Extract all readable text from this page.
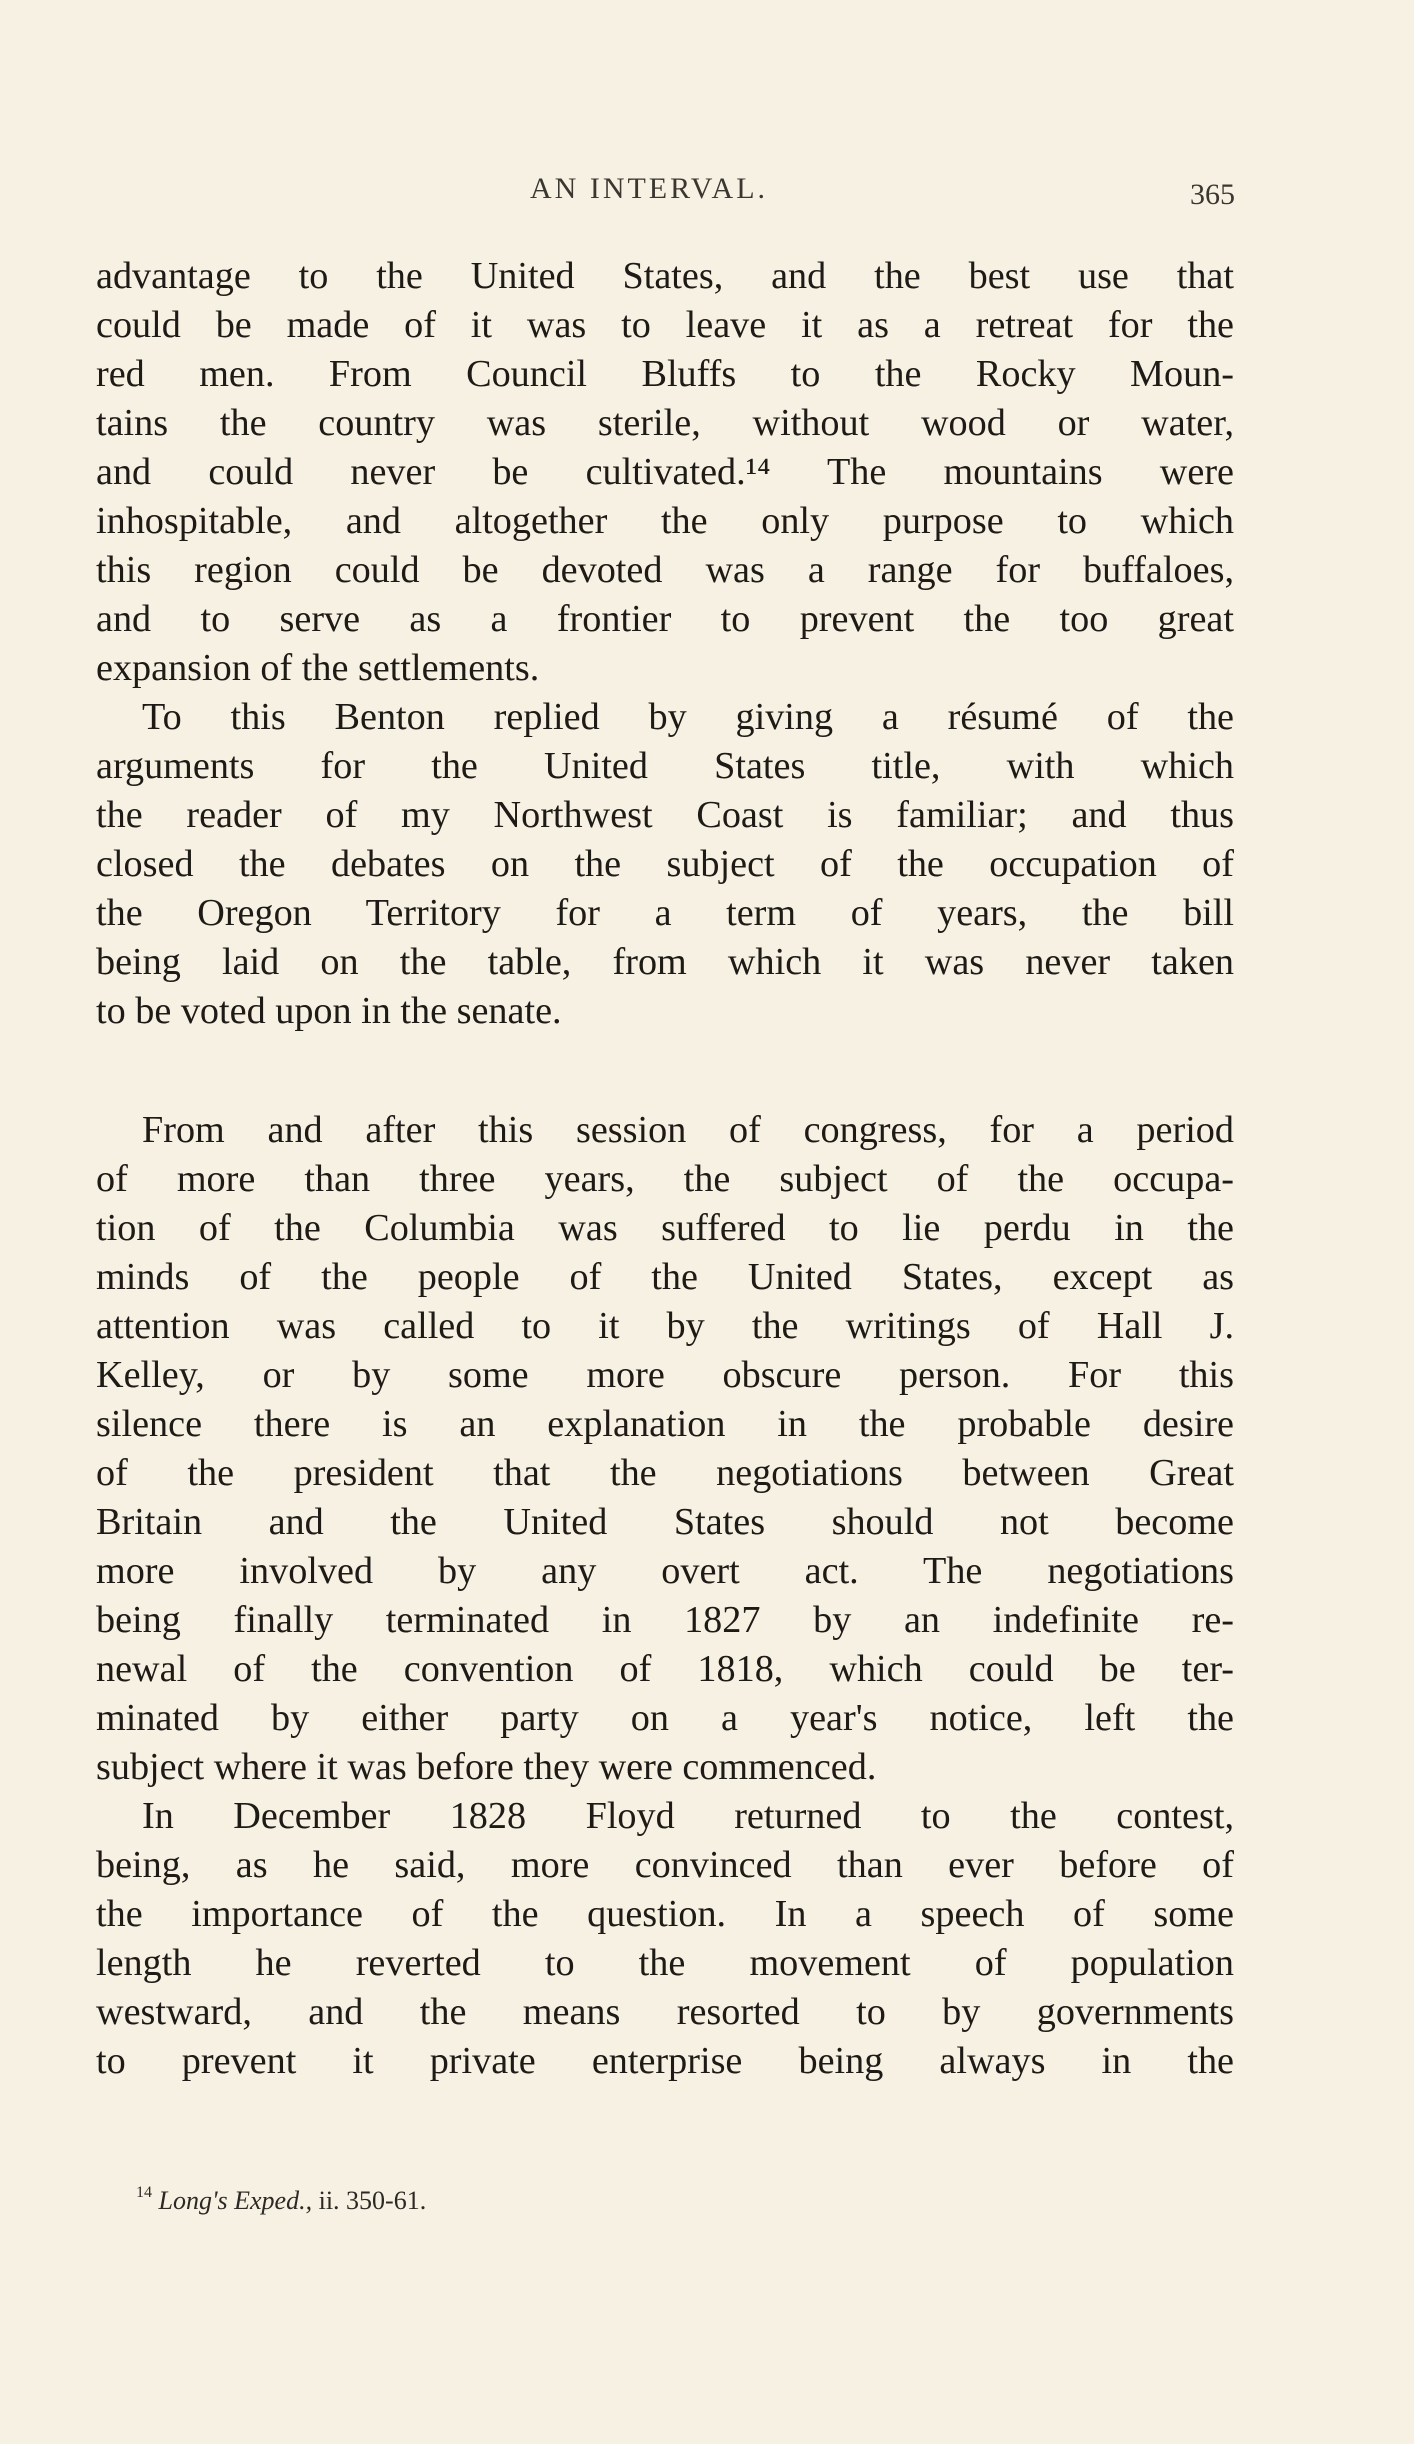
AN INTERVAL.	365
advantage to the United States, and the best use that
could be made of it was to leave it as a retreat for the
red men. From Council Bluffs to the Rocky Moun-
tains the country was sterile, without wood or water,
and could never be cultivated.¹⁴ The mountains were
inhospitable, and altogether the only purpose to which
this region could be devoted was a range for buffaloes,
and to serve as a frontier to prevent the too great
expansion of the settlements.
To this Benton replied by giving a résumé of the
arguments for the United States title, with which
the reader of my Northwest Coast is familiar; and thus
closed the debates on the subject of the occupation of
the Oregon Territory for a term of years, the bill
being laid on the table, from which it was never taken
to be voted upon in the senate.
From and after this session of congress, for a period
of more than three years, the subject of the occupa-
tion of the Columbia was suffered to lie perdu in the
minds of the people of the United States, except as
attention was called to it by the writings of Hall J.
Kelley, or by some more obscure person. For this
silence there is an explanation in the probable desire
of the president that the negotiations between Great
Britain and the United States should not become
more involved by any overt act. The negotiations
being finally terminated in 1827 by an indefinite re-
newal of the convention of 1818, which could be ter-
minated by either party on a year's notice, left the
subject where it was before they were commenced.
In December 1828 Floyd returned to the contest,
being, as he said, more convinced than ever before of
the importance of the question. In a speech of some
length he reverted to the movement of population
westward, and the means resorted to by governments
to prevent it private enterprise being always in the
$^{14}$ Long's Exped., ii. 350-61.
